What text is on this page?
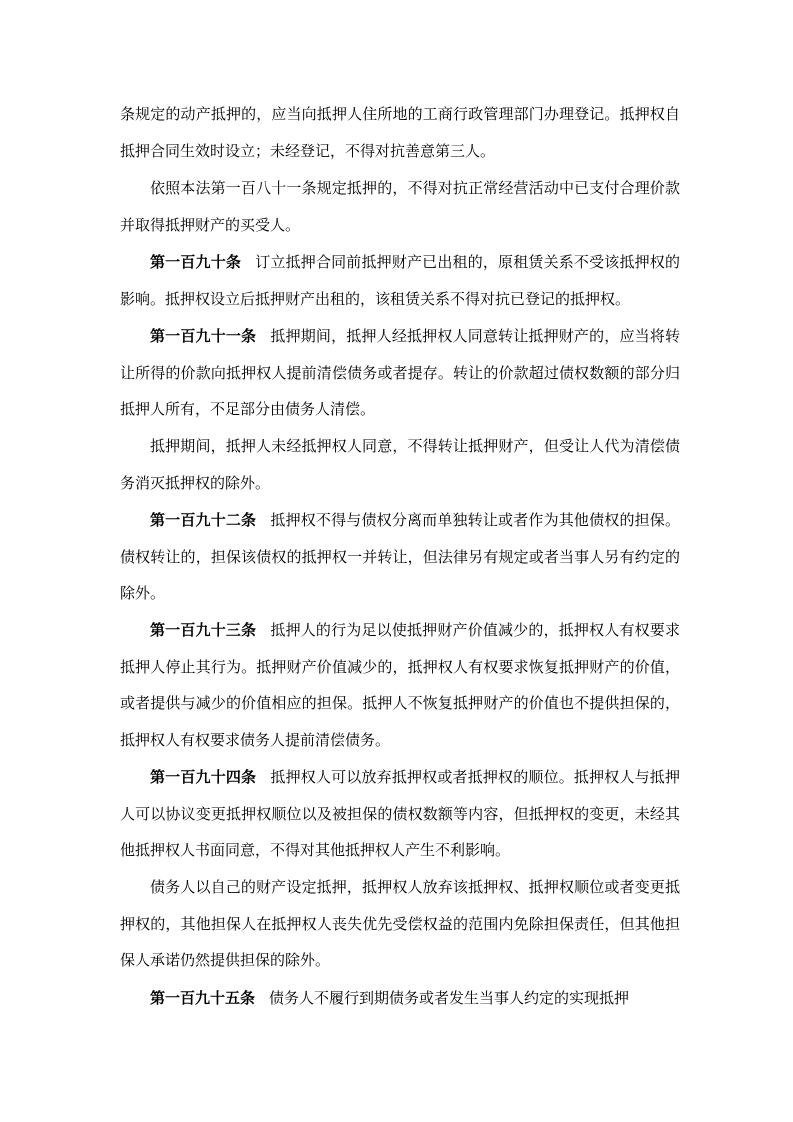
条规定的动产抵押的，应当向抵押人住所地的工商行政管理部门办理登记。抵押权自抵押合同生效时设立；未经登记，不得对抗善意第三人。

依照本法第一百八十一条规定抵押的，不得对抗正常经营活动中已支付合理价款并取得抵押财产的买受人。

第一百九十条 订立抵押合同前抵押财产已出租的，原租赁关系不受该抵押权的影响。抵押权设立后抵押财产出租的，该租赁关系不得对抗已登记的抵押权。

第一百九十一条 抵押期间，抵押人经抵押权人同意转让抵押财产的，应当将转让所得的价款向抵押权人提前清偿债务或者提存。转让的价款超过债权数额的部分归抵押人所有，不足部分由债务人清偿。

抵押期间，抵押人未经抵押权人同意，不得转让抵押财产，但受让人代为清偿债务消灭抵押权的除外。

第一百九十二条 抵押权不得与债权分离而单独转让或者作为其他债权的担保。债权转让的，担保该债权的抵押权一并转让，但法律另有规定或者当事人另有约定的除外。

第一百九十三条 抵押人的行为足以使抵押财产价值减少的，抵押权人有权要求抵押人停止其行为。抵押财产价值减少的，抵押权人有权要求恢复抵押财产的价值，或者提供与减少的价值相应的担保。抵押人不恢复抵押财产的价值也不提供担保的，抵押权人有权要求债务人提前清偿债务。

第一百九十四条 抵押权人可以放弃抵押权或者抵押权的顺位。抵押权人与抵押人可以协议变更抵押权顺位以及被担保的债权数额等内容，但抵押权的变更，未经其他抵押权人书面同意，不得对其他抵押权人产生不利影响。

债务人以自己的财产设定抵押，抵押权人放弃该抵押权、抵押权顺位或者变更抵押权的，其他担保人在抵押权人丧失优先受偿权益的范围内免除担保责任，但其他担保人承诺仍然提供担保的除外。

第一百九十五条 债务人不履行到期债务或者发生当事人约定的实现抵押
